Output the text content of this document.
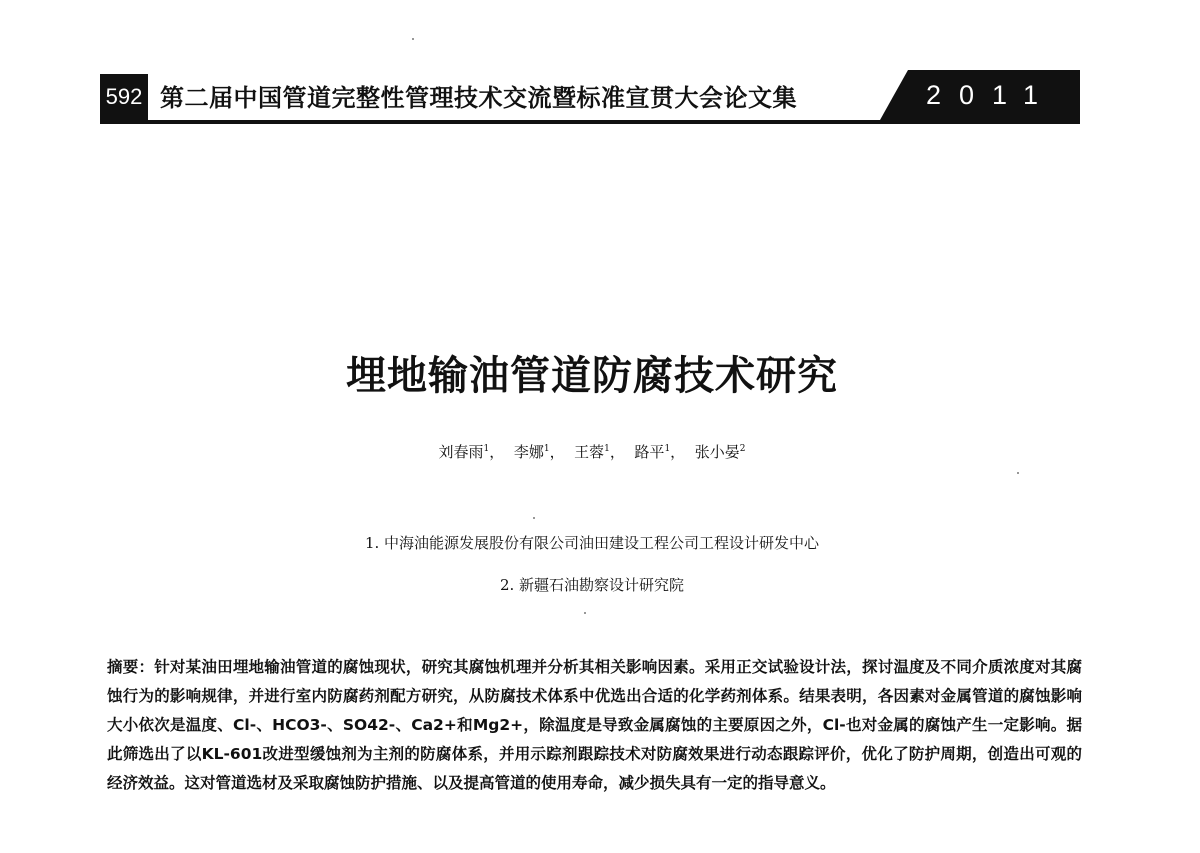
592 第二届中国管道完整性管理技术交流暨标准宣贯大会论文集	2011
埋地输油管道防腐技术研究
刘春雨$^1$，  李娜$^1$，  王蓉$^1$，  路平$^1$，  张小晏$^2$
1. 中海油能源发展股份有限公司油田建设工程公司工程设计研发中心
2. 新疆石油勘察设计研究院
摘要：针对某油田埋地输油管道的腐蚀现状，研究其腐蚀机理并分析其相关影响因素。采用正交试验设计法，探讨温度及不同介质浓度对其腐蚀行为的影响规律，并进行室内防腐药剂配方研究，从防腐技术体系中优选出合适的化学药剂体系。结果表明，各因素对金属管道的腐蚀影响大小依次是温度、Cl-、HCO3-、SO42-、Ca2+和Mg2+，除温度是导致金属腐蚀的主要原因之外，Cl-也对金属的腐蚀产生一定影响。据此筛选出了以KL-601改进型缓蚀剂为主剂的防腐体系，并用示踪剂跟踪技术对防腐效果进行动态跟踪评价，优化了防护周期，创造出可观的经济效益。这对管道选材及采取腐蚀防护措施、以及提高管道的使用寿命，减少损失具有一定的指导意义。
